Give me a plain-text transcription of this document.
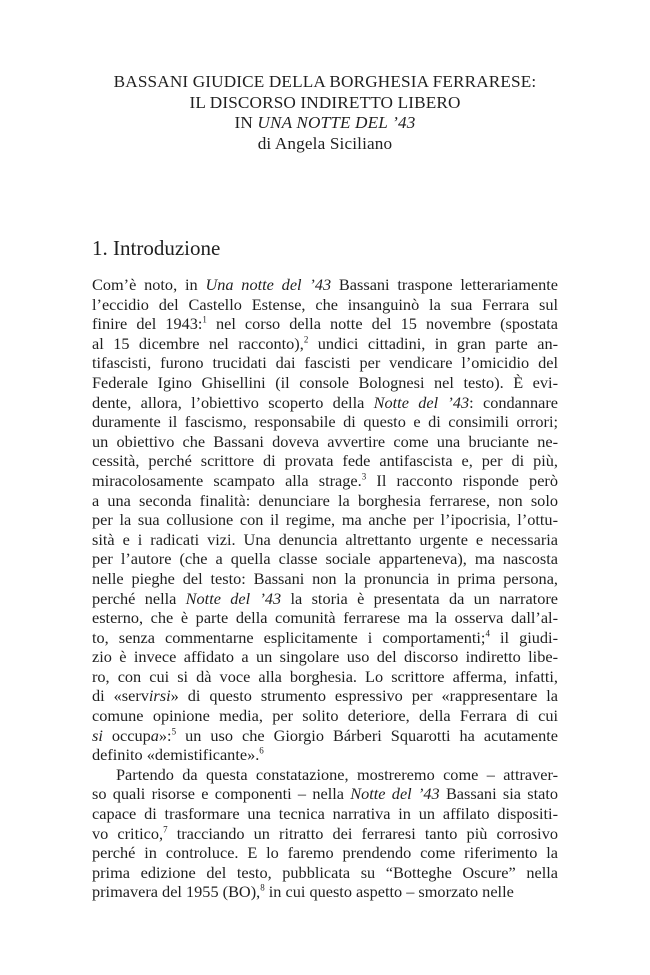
BASSANI GIUDICE DELLA BORGHESIA FERRARESE:
IL DISCORSO INDIRETTO LIBERO
IN UNA NOTTE DEL ’43
di Angela Siciliano
1. Introduzione
Com’è noto, in Una notte del ’43 Bassani traspone letterariamente
l’eccidio del Castello Estense, che insanguinò la sua Ferrara sul
finire del 1943:$^1$ nel corso della notte del 15 novembre (spostata
al 15 dicembre nel racconto),$^2$ undici cittadini, in gran parte an-
tifascisti, furono trucidati dai fascisti per vendicare l’omicidio del
Federale Igino Ghisellini (il console Bolognesi nel testo). È evi-
dente, allora, l’obiettivo scoperto della Notte del ’43: condannare
duramente il fascismo, responsabile di questo e di consimili orrori;
un obiettivo che Bassani doveva avvertire come una bruciante ne-
cessità, perché scrittore di provata fede antifascista e, per di più,
miracolosamente scampato alla strage.$^3$ Il racconto risponde però
a una seconda finalità: denunciare la borghesia ferrarese, non solo
per la sua collusione con il regime, ma anche per l’ipocrisia, l’ottu-
sità e i radicati vizi. Una denuncia altrettanto urgente e necessaria
per l’autore (che a quella classe sociale apparteneva), ma nascosta
nelle pieghe del testo: Bassani non la pronuncia in prima persona,
perché nella Notte del ’43 la storia è presentata da un narratore
esterno, che è parte della comunità ferrarese ma la osserva dall’al-
to, senza commentarne esplicitamente i comportamenti;$^4$ il giudi-
zio è invece affidato a un singolare uso del discorso indiretto libe-
ro, con cui si dà voce alla borghesia. Lo scrittore afferma, infatti,
di «servirsi» di questo strumento espressivo per «rappresentare la
comune opinione media, per solito deteriore, della Ferrara di cui
si occupa»:$^5$ un uso che Giorgio Bárberi Squarotti ha acutamente
definito «demistificante».$^6$
Partendo da questa constatazione, mostreremo come – attraver-
so quali risorse e componenti – nella Notte del ’43 Bassani sia stato
capace di trasformare una tecnica narrativa in un affilato dispositi-
vo critico,$^7$ tracciando un ritratto dei ferraresi tanto più corrosivo
perché in controluce. E lo faremo prendendo come riferimento la
prima edizione del testo, pubblicata su “Botteghe Oscure” nella
primavera del 1955 (BO),$^8$ in cui questo aspetto – smorzato nelle
